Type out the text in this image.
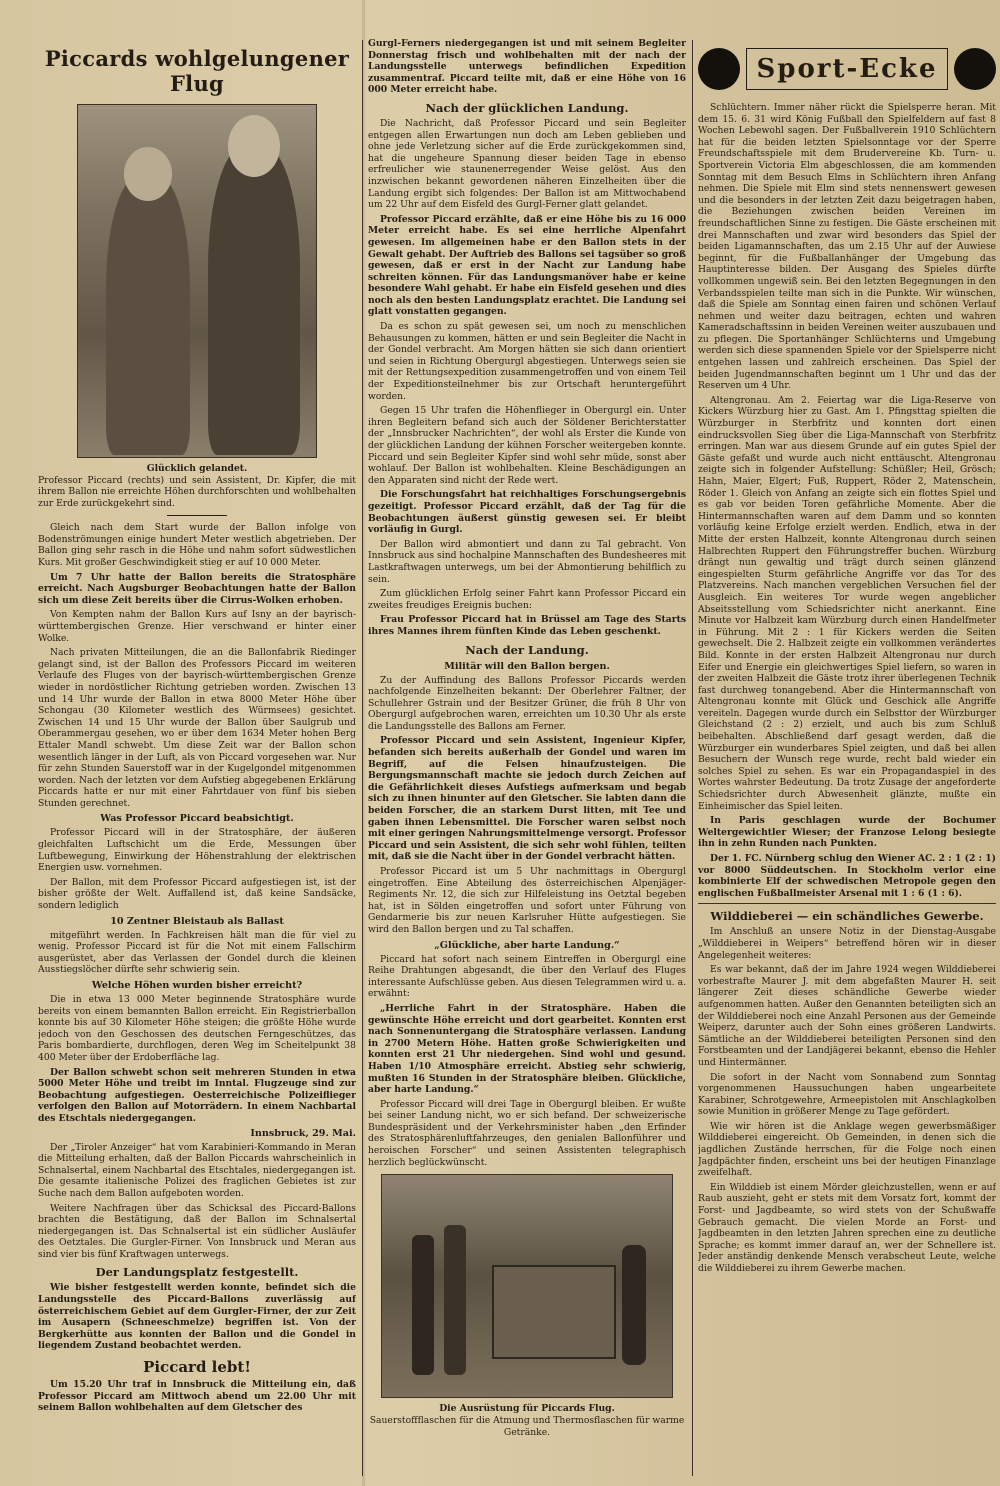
Piccards wohlgelungener Flug
Glücklich gelandet.
Professor Piccard (rechts) und sein Assistent, Dr. Kipfer, die mit ihrem Ballon nie erreichte Höhen durchforschten und wohlbehalten zur Erde zurückgekehrt sind.

Gleich nach dem Start wurde der Ballon infolge von Bodenströmungen einige hundert Meter westlich abgetrieben. Der Ballon ging sehr rasch in die Höhe und nahm sofort südwestlichen Kurs. Mit großer Geschwindigkeit stieg er auf 10 000 Meter.

Um 7 Uhr hatte der Ballon bereits die Stratosphäre erreicht. Nach Augsburger Beobachtungen hatte der Ballon sich um diese Zeit bereits über die Cirrus-Wolken erhoben.

Von Kempten nahm der Ballon Kurs auf Isny an der bayrisch-württembergischen Grenze. Hier verschwand er hinter einer Wolke.

Nach privaten Mitteilungen, die an die Ballonfabrik Riedinger gelangt sind, ist der Ballon des Professors Piccard im weiteren Verlaufe des Fluges von der bayrisch-württembergischen Grenze wieder in nordöstlicher Richtung getrieben worden. Zwischen 13 und 14 Uhr wurde der Ballon in etwa 8000 Meter Höhe über Schongau (30 Kilometer westlich des Würmsees) gesichtet. Zwischen 14 und 15 Uhr wurde der Ballon über Saulgrub und Oberammergau gesehen, wo er über dem 1634 Meter hohen Berg Ettaler Mandl schwebt. Um diese Zeit war der Ballon schon wesentlich länger in der Luft, als von Piccard vorgesehen war. Nur für zehn Stunden Sauerstoff war in der Kugelgondel mitgenommen worden. Nach der letzten vor dem Aufstieg abgegebenen Erklärung Piccards hatte er nur mit einer Fahrtdauer von fünf bis sieben Stunden gerechnet.

Was Professor Piccard beabsichtigt.

Professor Piccard will in der Stratosphäre, der äußeren gleichfalten Luftschicht um die Erde, Messungen über Luftbewegung, Einwirkung der Höhenstrahlung der elektrischen Energien usw. vornehmen.

Der Ballon, mit dem Professor Piccard aufgestiegen ist, ist der bisher größte der Welt. Auffallend ist, daß keine Sandsäcke, sondern lediglich

10 Zentner Bleistaub als Ballast

mitgeführt werden. In Fachkreisen hält man die für viel zu wenig. Professor Piccard ist für die Not mit einem Fallschirm ausgerüstet, aber das Verlassen der Gondel durch die kleinen Ausstiegslöcher dürfte sehr schwierig sein.

Welche Höhen wurden bisher erreicht?

Die in etwa 13 000 Meter beginnende Stratosphäre wurde bereits von einem bemannten Ballon erreicht. Ein Registrierballon konnte bis auf 30 Kilometer Höhe steigen; die größte Höhe wurde jedoch von den Geschossen des deutschen Ferngeschützes, das Paris bombardierte, durchflogen, deren Weg im Scheitelpunkt 38 400 Meter über der Erdoberfläche lag.

Der Ballon schwebt schon seit mehreren Stunden in etwa 5000 Meter Höhe und treibt im Inntal. Flugzeuge sind zur Beobachtung aufgestiegen. Oesterreichische Polizeiflieger verfolgen den Ballon auf Motorrädern. In einem Nachbartal des Etschtals niedergegangen.

Innsbruck, 29. Mai.

Der „Tiroler Anzeiger“ hat vom Karabinieri-Kommando in Meran die Mitteilung erhalten, daß der Ballon Piccards wahrscheinlich in Schnalsertal, einem Nachbartal des Etschtales, niedergegangen ist. Die gesamte italienische Polizei des fraglichen Gebietes ist zur Suche nach dem Ballon aufgeboten worden.

Weitere Nachfragen über das Schicksal des Piccard-Ballons brachten die Bestätigung, daß der Ballon im Schnalsertal niedergegangen ist. Das Schnalsertal ist ein südlicher Ausläufer des Oetztales. Die Gurgler-Firner. Von Innsbruck und Meran aus sind vier bis fünf Kraftwagen unterwegs.

Der Landungsplatz festgestellt.

Wie bisher festgestellt werden konnte, befindet sich die Landungsstelle des Piccard-Ballons zuverlässig auf österreichischem Gebiet auf dem Gurgler-Firner, der zur Zeit im Ausapern (Schneeschmelze) begriffen ist. Von der Bergkerhütte aus konnten der Ballon und die Gondel in liegendem Zustand beobachtet werden.

Piccard lebt!

Um 15.20 Uhr traf in Innsbruck die Mitteilung ein, daß Professor Piccard am Mittwoch abend um 22.00 Uhr mit seinem Ballon wohlbehalten auf dem Gletscher des

Gurgl-Ferners niedergegangen ist und mit seinem Begleiter Donnerstag frisch und wohlbehalten mit der nach der Landungsstelle unterwegs befindlichen Expedition zusammentraf. Piccard teilte mit, daß er eine Höhe von 16 000 Meter erreicht habe.

Nach der glücklichen Landung.

Die Nachricht, daß Professor Piccard und sein Begleiter entgegen allen Erwartungen nun doch am Leben geblieben und ohne jede Verletzung sicher auf die Erde zurückgekommen sind, hat die ungeheure Spannung dieser beiden Tage in ebenso erfreulicher wie staunenerregender Weise gelöst. Aus den inzwischen bekannt gewordenen näheren Einzelheiten über die Landung ergibt sich folgendes: Der Ballon ist am Mittwochabend um 22 Uhr auf dem Eisfeld des Gurgl-Ferner glatt gelandet.

Professor Piccard erzählte, daß er eine Höhe bis zu 16 000 Meter erreicht habe. Es sei eine herrliche Alpenfahrt gewesen. Im allgemeinen habe er den Ballon stets in der Gewalt gehabt. Der Auftrieb des Ballons sei tagsüber so groß gewesen, daß er erst in der Nacht zur Landung habe schreiten können. Für das Landungsmanöver habe er keine besondere Wahl gehabt. Er habe ein Eisfeld gesehen und dies noch als den besten Landungsplatz erachtet. Die Landung sei glatt vonstatten gegangen.

Da es schon zu spät gewesen sei, um noch zu menschlichen Behausungen zu kommen, hätten er und sein Begleiter die Nacht in der Gondel verbracht. Am Morgen hätten sie sich dann orientiert und seien in Richtung Obergurgl abgestiegen. Unterwegs seien sie mit der Rettungsexpedition zusammengetroffen und von einem Teil der Expeditionsteilnehmer bis zur Ortschaft heruntergeführt worden.

Gegen 15 Uhr trafen die Höhenflieger in Obergurgl ein. Unter ihren Begleitern befand sich auch der Söldener Berichterstatter der „Innsbrucker Nachrichten“, der wohl als Erster die Kunde von der glücklichen Landung der kühnen Forscher weitergeben konnte. Piccard und sein Begleiter Kipfer sind wohl sehr müde, sonst aber wohlauf. Der Ballon ist wohlbehalten. Kleine Beschädigungen an den Apparaten sind nicht der Rede wert.

Die Forschungsfahrt hat reichhaltiges Forschungsergebnis gezeitigt. Professor Piccard erzählt, daß der Tag für die Beobachtungen äußerst günstig gewesen sei. Er bleibt vorläufig in Gurgl.

Der Ballon wird abmontiert und dann zu Tal gebracht. Von Innsbruck aus sind hochalpine Mannschaften des Bundesheeres mit Lastkraftwagen unterwegs, um bei der Abmontierung behilflich zu sein.

Zum glücklichen Erfolg seiner Fahrt kann Professor Piccard ein zweites freudiges Ereignis buchen:

Frau Professor Piccard hat in Brüssel am Tage des Starts ihres Mannes ihrem fünften Kinde das Leben geschenkt.

Nach der Landung.
Militär will den Ballon bergen.

Zu der Auffindung des Ballons Professor Piccards werden nachfolgende Einzelheiten bekannt: Der Oberlehrer Faltner, der Schullehrer Gstrain und der Besitzer Grüner, die früh 8 Uhr von Obergurgl aufgebrochen waren, erreichten um 10.30 Uhr als erste die Landungsstelle des Ballons am Ferner.

Professor Piccard und sein Assistent, Ingenieur Kipfer, befanden sich bereits außerhalb der Gondel und waren im Begriff, auf die Felsen hinaufzusteigen. Die Bergungsmannschaft machte sie jedoch durch Zeichen auf die Gefährlichkeit dieses Aufstiegs aufmerksam und begab sich zu ihnen hinunter auf den Gletscher. Sie labten dann die beiden Forscher, die an starkem Durst litten, mit Tee und gaben ihnen Lebensmittel. Die Forscher waren selbst noch mit einer geringen Nahrungsmittelmenge versorgt. Professor Piccard und sein Assistent, die sich sehr wohl fühlen, teilten mit, daß sie die Nacht über in der Gondel verbracht hätten.

Professor Piccard ist um 5 Uhr nachmittags in Obergurgl eingetroffen. Eine Abteilung des österreichischen Alpenjäger-Regiments Nr. 12, die sich zur Hilfeleistung ins Oetztal begeben hat, ist in Sölden eingetroffen und sofort unter Führung von Gendarmerie bis zur neuen Karlsruher Hütte aufgestiegen. Sie wird den Ballon bergen und zu Tal schaffen.

„Glückliche, aber harte Landung.“

Piccard hat sofort nach seinem Eintreffen in Obergurgl eine Reihe Drahtungen abgesandt, die über den Verlauf des Fluges interessante Aufschlüsse geben. Aus diesen Telegrammen wird u. a. erwähnt:

„Herrliche Fahrt in der Stratosphäre. Haben die gewünschte Höhe erreicht und dort gearbeitet. Konnten erst nach Sonnenuntergang die Stratosphäre verlassen. Landung in 2700 Metern Höhe. Hatten große Schwierigkeiten und konnten erst 21 Uhr niedergehen. Sind wohl und gesund. Haben 1/10 Atmosphäre erreicht. Abstieg sehr schwierig, mußten 16 Stunden in der Stratosphäre bleiben. Glückliche, aber harte Landung.“

Professor Piccard will drei Tage in Obergurgl bleiben. Er wußte bei seiner Landung nicht, wo er sich befand. Der schweizerische Bundespräsident und der Verkehrsminister haben „den Erfinder des Stratosphärenluftfahrzeuges, den genialen Ballonführer und heroischen Forscher“ und seinen Assistenten telegraphisch herzlich beglückwünscht.

Die Ausrüstung für Piccards Flug.
Sauerstoffflaschen für die Atmung und Thermosflaschen für warme Getränke.
Sport-Ecke

Schlüchtern. Immer näher rückt die Spielsperre heran. Mit dem 15. 6. 31 wird König Fußball den Spielfeldern auf fast 8 Wochen Lebewohl sagen. Der Fußballverein 1910 Schlüchtern hat für die beiden letzten Spielsonntage vor der Sperre Freundschaftsspiele mit dem Brudervereine Kb. Turn- u. Sportverein Victoria Elm abgeschlossen, die am kommenden Sonntag mit dem Besuch Elms in Schlüchtern ihren Anfang nehmen. Die Spiele mit Elm sind stets nennenswert gewesen und die besonders in der letzten Zeit dazu beigetragen haben, die Beziehungen zwischen beiden Vereinen im freundschaftlichen Sinne zu festigen. Die Gäste erscheinen mit drei Mannschaften und zwar wird besonders das Spiel der beiden Ligamannschaften, das um 2.15 Uhr auf der Auwiese beginnt, für die Fußballanhänger der Umgebung das Hauptinteresse bilden. Der Ausgang des Spieles dürfte vollkommen ungewiß sein. Bei den letzten Begegnungen in den Verbandsspielen teilte man sich in die Punkte. Wir wünschen, daß die Spiele am Sonntag einen fairen und schönen Verlauf nehmen und weiter dazu beitragen, echten und wahren Kameradschaftssinn in beiden Vereinen weiter auszubauen und zu pflegen. Die Sportanhänger Schlüchterns und Umgebung werden sich diese spannenden Spiele vor der Spielsperre nicht entgehen lassen und zahlreich erscheinen. Das Spiel der beiden Jugendmannschaften beginnt um 1 Uhr und das der Reserven um 4 Uhr.

Altengronau. Am 2. Feiertag war die Liga-Reserve von Kickers Würzburg hier zu Gast. Am 1. Pfingsttag spielten die Würzburger in Sterbfritz und konnten dort einen eindrucksvollen Sieg über die Liga-Mannschaft von Sterbfritz erringen. Man war aus diesem Grunde auf ein gutes Spiel der Gäste gefaßt und wurde auch nicht enttäuscht. Altengronau zeigte sich in folgender Aufstellung: Schüßler; Heil, Grösch; Hahn, Maier, Elgert; Fuß, Ruppert, Röder 2, Matenschein, Röder 1. Gleich von Anfang an zeigte sich ein flottes Spiel und es gab vor beiden Toren gefährliche Momente. Aber die Hintermannschaften waren auf dem Damm und so konnten vorläufig keine Erfolge erzielt werden. Endlich, etwa in der Mitte der ersten Halbzeit, konnte Altengronau durch seinen Halbrechten Ruppert den Führungstreffer buchen. Würzburg drängt nun gewaltig und trägt durch seinen glänzend eingespielten Sturm gefährliche Angriffe vor das Tor des Platzvereins. Nach manchen vergeblichen Versuchen fiel der Ausgleich. Ein weiteres Tor wurde wegen angeblicher Abseitsstellung vom Schiedsrichter nicht anerkannt. Eine Minute vor Halbzeit kam Würzburg durch einen Handelfmeter in Führung. Mit 2 : 1 für Kickers werden die Seiten gewechselt. Die 2. Halbzeit zeigte ein vollkommen verändertes Bild. Konnte in der ersten Halbzeit Altengronau nur durch Eifer und Energie ein gleichwertiges Spiel liefern, so waren in der zweiten Halbzeit die Gäste trotz ihrer überlegenen Technik fast durchweg tonangebend. Aber die Hintermannschaft von Altengronau konnte mit Glück und Geschick alle Angriffe vereiteln. Dagegen wurde durch ein Selbsttor der Würzburger Gleichstand (2 : 2) erzielt, und auch bis zum Schluß beibehalten. Abschließend darf gesagt werden, daß die Würzburger ein wunderbares Spiel zeigten, und daß bei allen Besuchern der Wunsch rege wurde, recht bald wieder ein solches Spiel zu sehen. Es war ein Propagandaspiel in des Wortes wahrster Bedeutung. Da trotz Zusage der angeforderte Schiedsrichter durch Abwesenheit glänzte, mußte ein Einheimischer das Spiel leiten.

In Paris geschlagen wurde der Bochumer Weltergewichtler Wieser; der Franzose Lelong besiegte ihn in zehn Runden nach Punkten.

Der 1. FC. Nürnberg schlug den Wiener AC. 2 : 1 (2 : 1) vor 8000 Süddeutschen. In Stockholm verlor eine kombinierte Elf der schwedischen Metropole gegen den englischen Fußballmeister Arsenal mit 1 : 6 (1 : 6).

Wilddieberei — ein schändliches Gewerbe.

Im Anschluß an unsere Notiz in der Dienstag-Ausgabe „Wilddieberei in Weipers“ betreffend hören wir in dieser Angelegenheit weiteres:

Es war bekannt, daß der im Jahre 1924 wegen Wilddieberei vorbestrafte Maurer J. mit dem abgefaßten Maurer H. seit längerer Zeit dieses schändliche Gewerbe wieder aufgenommen hatten. Außer den Genannten beteiligten sich an der Wilddieberei noch eine Anzahl Personen aus der Gemeinde Weiperz, darunter auch der Sohn eines größeren Landwirts. Sämtliche an der Wilddieberei beteiligten Personen sind den Forstbeamten und der Landjägerei bekannt, ebenso die Hehler und Hintermänner.

Die sofort in der Nacht vom Sonnabend zum Sonntag vorgenommenen Haussuchungen haben ungearbeitete Karabiner, Schrotgewehre, Armeepistolen mit Anschlagkolben sowie Munition in größerer Menge zu Tage gefördert.

Wie wir hören ist die Anklage wegen gewerbsmäßiger Wilddieberei eingereicht. Ob Gemeinden, in denen sich die jagdlichen Zustände herrschen, für die Folge noch einen Jagdpächter finden, erscheint uns bei der heutigen Finanzlage zweifelhaft.

Ein Wilddieb ist einem Mörder gleichzustellen, wenn er auf Raub auszieht, geht er stets mit dem Vorsatz fort, kommt der Forst- und Jagdbeamte, so wird stets von der Schußwaffe Gebrauch gemacht. Die vielen Morde an Forst- und Jagdbeamten in den letzten Jahren sprechen eine zu deutliche Sprache; es kommt immer darauf an, wer der Schnellere ist. Jeder anständig denkende Mensch verabscheut Leute, welche die Wilddieberei zu ihrem Gewerbe machen.
